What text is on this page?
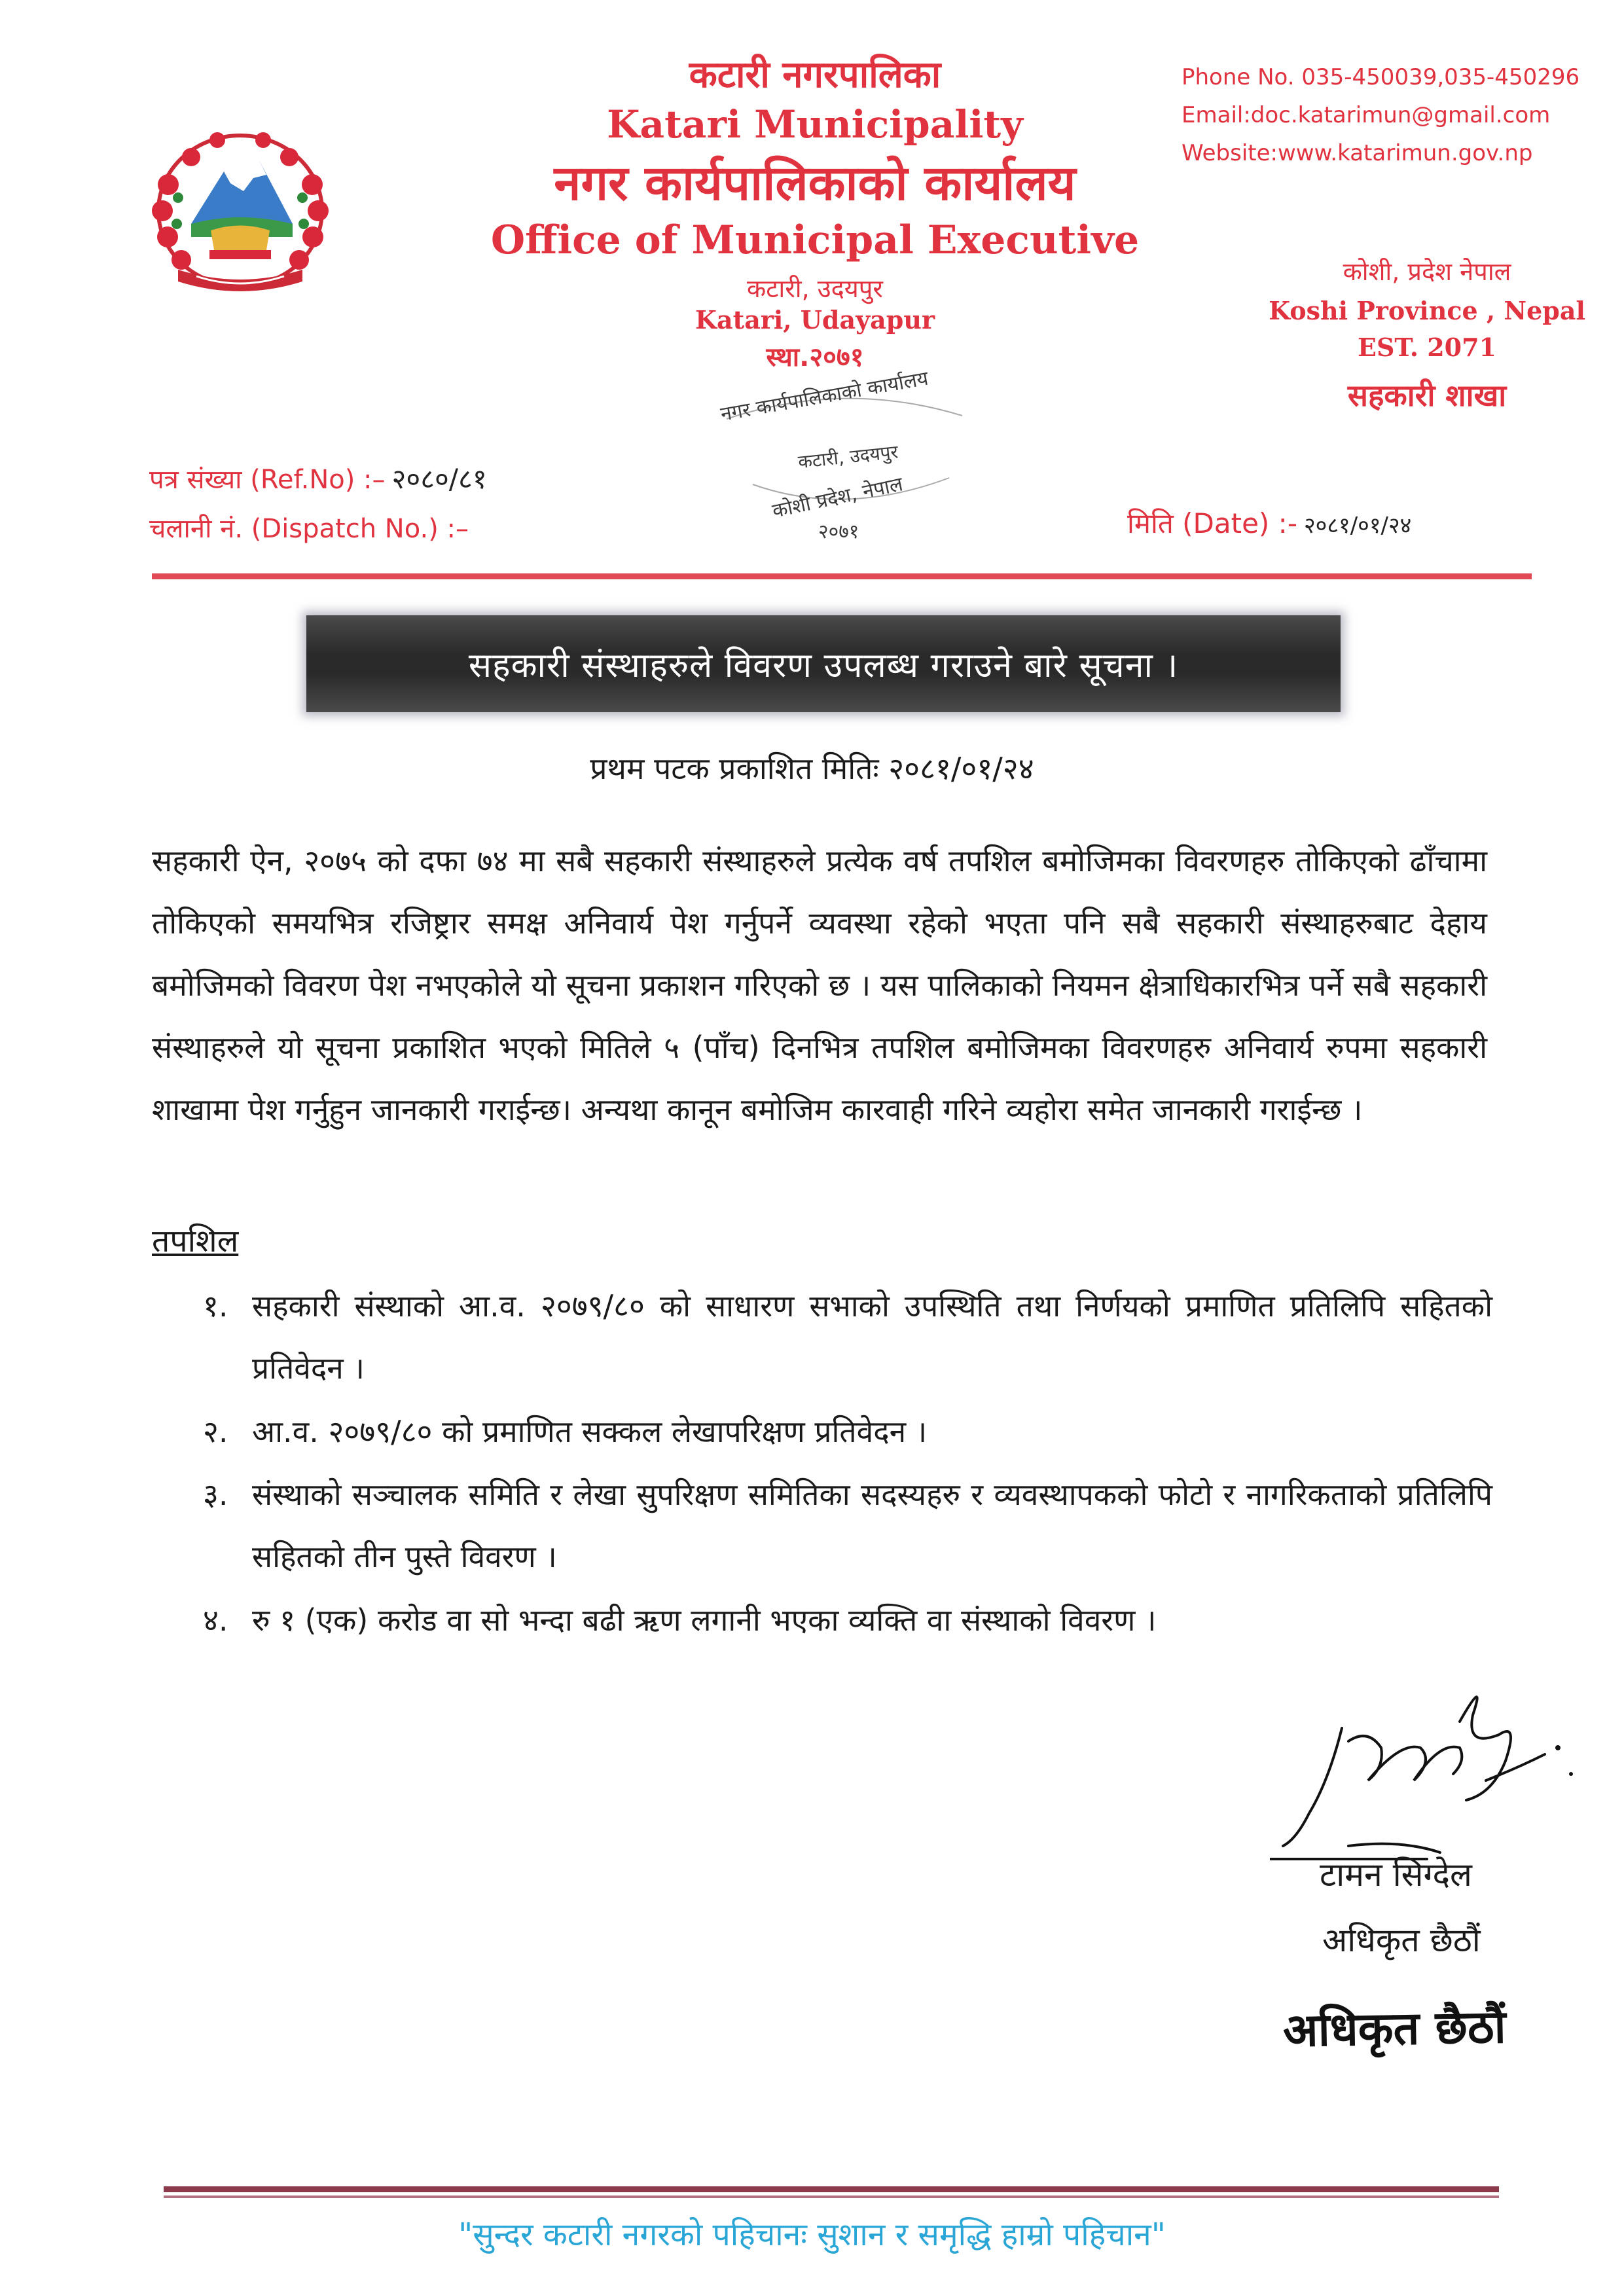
कटारी नगरपालिका
Katari Municipality
नगर कार्यपालिकाको कार्यालय
Office of Municipal Executive
कटारी, उदयपुर
Katari, Udayapur
स्था.२०७१
Phone No. 035-450039,035-450296
Email:doc.katarimun@gmail.com
Website:www.katarimun.gov.np
कोशी, प्रदेश नेपाल
Koshi Province , Nepal
EST. 2071
सहकारी शाखा
नगर कार्यपालिकाको कार्यालय
कटारी, उदयपुर
कोशी प्रदेश, नेपाल
२०७१
पत्र संख्या (Ref.No) :– २०८०/८१
चलानी नं. (Dispatch No.) :–	मिति (Date) :- २०८१/०१/२४
सहकारी संस्थाहरुले विवरण उपलब्ध गराउने बारे सूचना ।
प्रथम पटक प्रकाशित मितिः २०८१/०१/२४
सहकारी ऐन, २०७५ को दफा ७४ मा सबै सहकारी संस्थाहरुले प्रत्येक वर्ष तपशिल बमोजिमका विवरणहरु तोकिएको ढाँचामा तोकिएको समयभित्र रजिष्ट्रार समक्ष अनिवार्य पेश गर्नुपर्ने व्यवस्था रहेको भएता पनि सबै सहकारी संस्थाहरुबाट देहाय बमोजिमको विवरण पेश नभएकोले यो सूचना प्रकाशन गरिएको छ । यस पालिकाको नियमन क्षेत्राधिकारभित्र पर्ने सबै सहकारी संस्थाहरुले यो सूचना प्रकाशित भएको मितिले ५ (पाँच) दिनभित्र तपशिल बमोजिमका विवरणहरु अनिवार्य रुपमा सहकारी शाखामा पेश गर्नुहुन जानकारी गराईन्छ। अन्यथा कानून बमोजिम कारवाही गरिने व्यहोरा समेत जानकारी गराईन्छ ।
तपशिल
१. सहकारी संस्थाको आ.व. २०७९/८० को साधारण सभाको उपस्थिति तथा निर्णयको प्रमाणित प्रतिलिपि सहितको प्रतिवेदन ।
२. आ.व. २०७९/८० को प्रमाणित सक्कल लेखापरिक्षण प्रतिवेदन ।
३. संस्थाको सञ्चालक समिति र लेखा सुपरिक्षण समितिका सदस्यहरु र व्यवस्थापकको फोटो र नागरिकताको प्रतिलिपि सहितको तीन पुस्ते विवरण ।
४. रु १ (एक) करोड वा सो भन्दा बढी ऋण लगानी भएका व्यक्ति वा संस्थाको विवरण ।
टामन सिग्देल
अधिकृत छैठौं
अधिकृत छैठौं
"सुन्दर कटारी नगरको पहिचानः सुशान र समृद्धि हाम्रो पहिचान"
